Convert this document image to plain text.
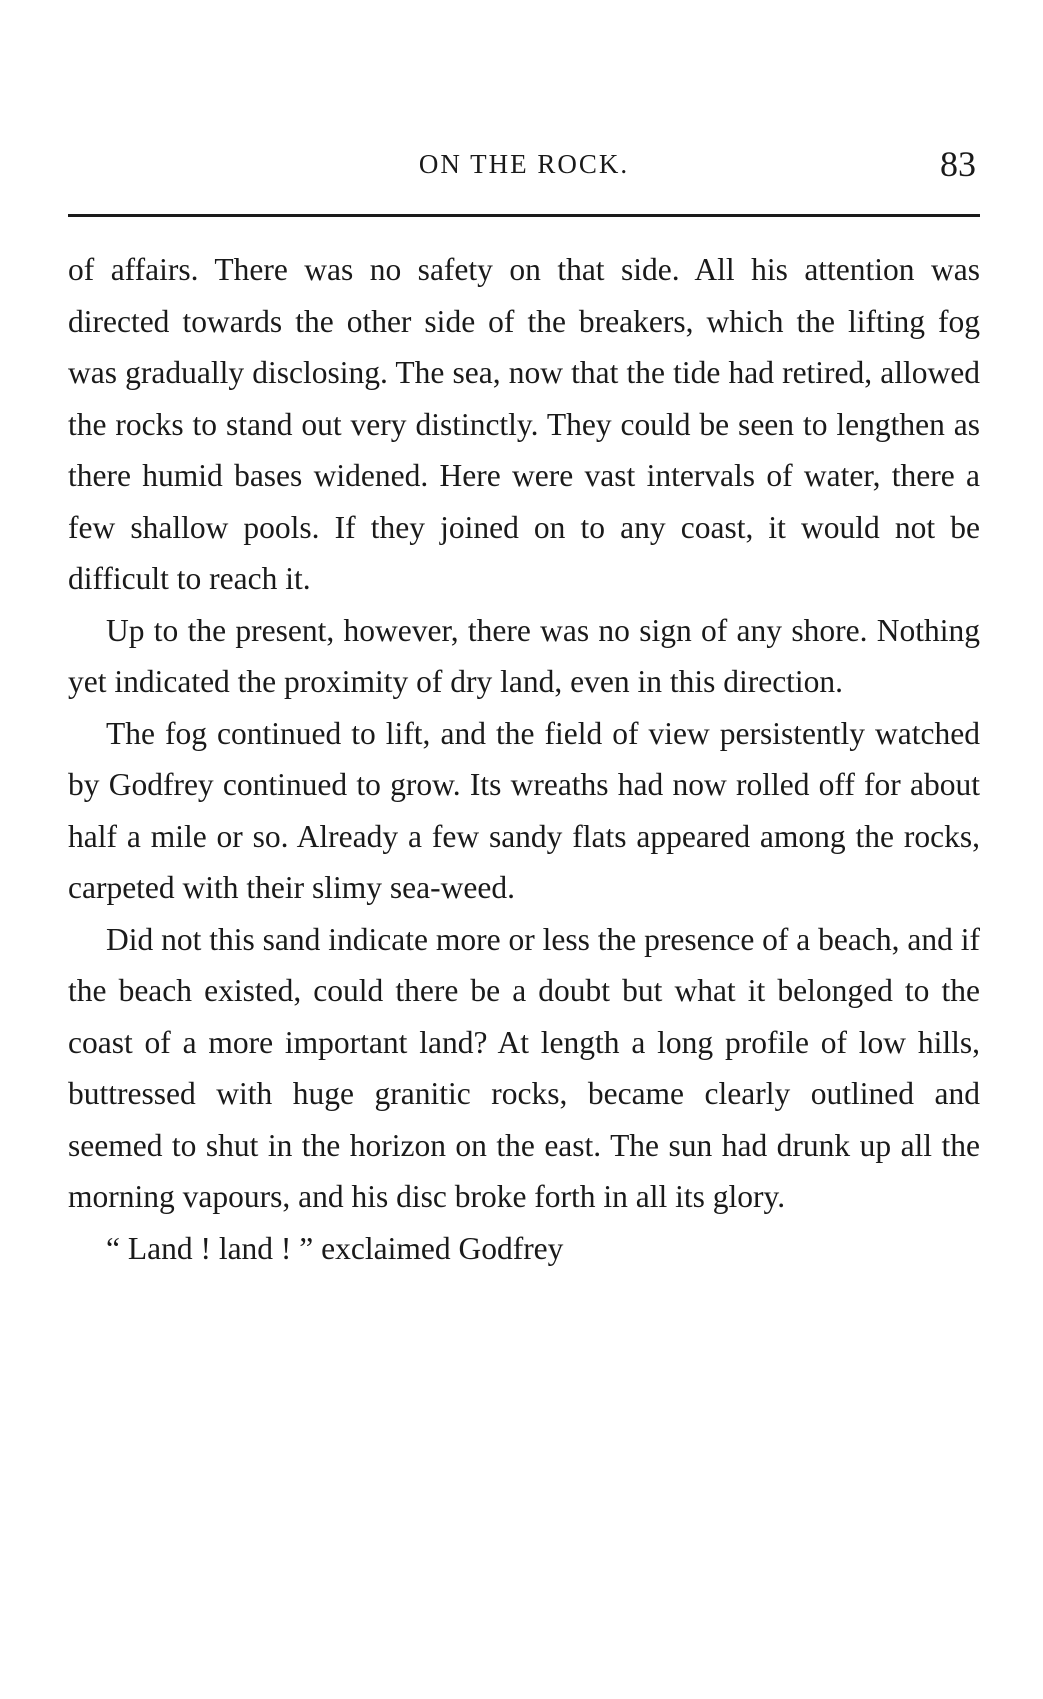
ON THE ROCK.	83

of affairs. There was no safety on that side. All his attention was directed towards the other side of the breakers, which the lifting fog was gradually disclosing. The sea, now that the tide had retired, allowed the rocks to stand out very distinctly. They could be seen to lengthen as there humid bases widened. Here were vast intervals of water, there a few shallow pools. If they joined on to any coast, it would not be difficult to reach it.

Up to the present, however, there was no sign of any shore. Nothing yet indicated the proximity of dry land, even in this direction.

The fog continued to lift, and the field of view persistently watched by Godfrey continued to grow. Its wreaths had now rolled off for about half a mile or so. Already a few sandy flats appeared among the rocks, carpeted with their slimy sea-weed.

Did not this sand indicate more or less the presence of a beach, and if the beach existed, could there be a doubt but what it belonged to the coast of a more important land? At length a long profile of low hills, buttressed with huge granitic rocks, became clearly outlined and seemed to shut in the horizon on the east. The sun had drunk up all the morning vapours, and his disc broke forth in all its glory.

“ Land ! land ! ” exclaimed Godfrey
